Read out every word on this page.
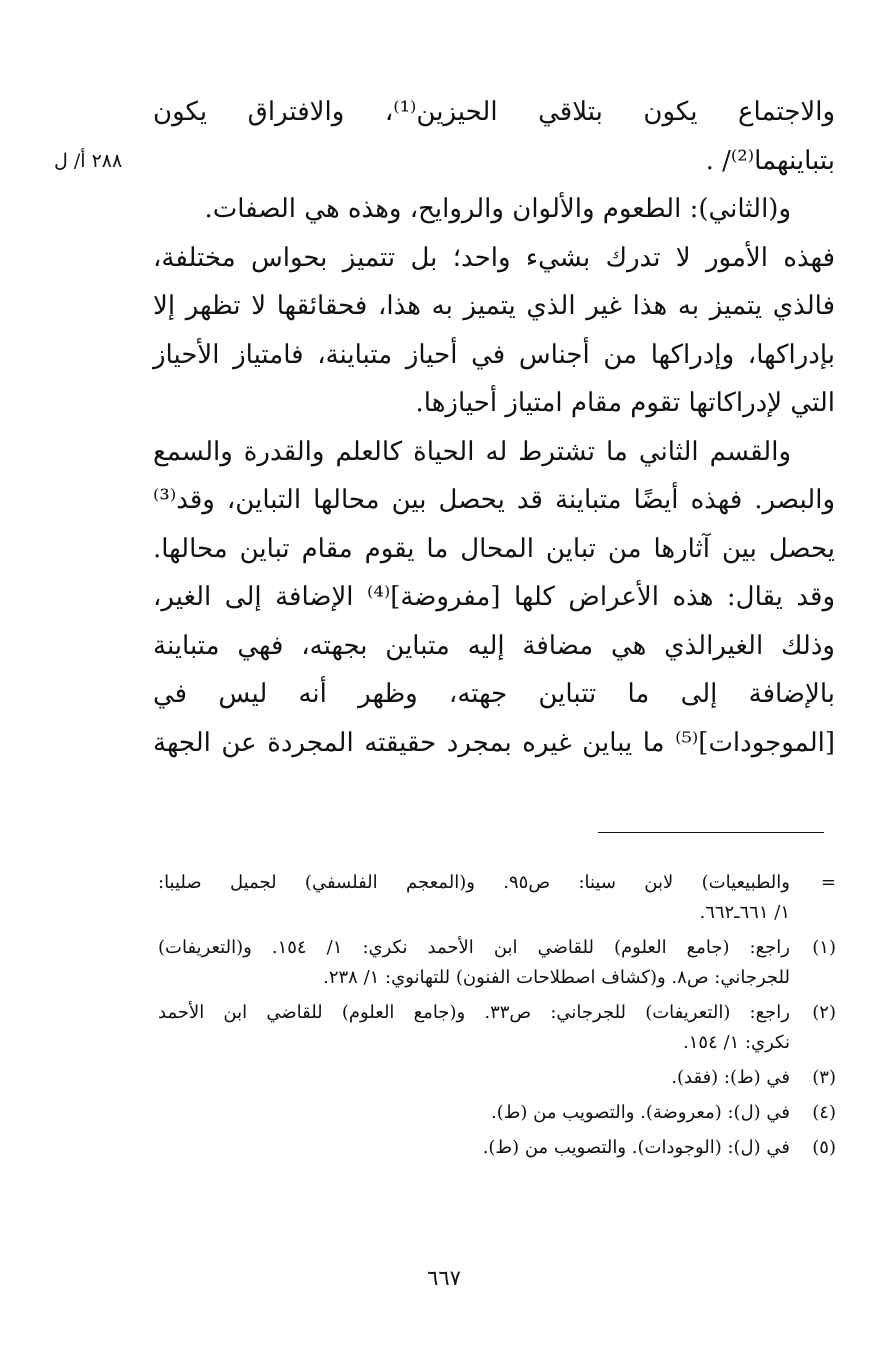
٢٨٨ أ/ ل
والاجتماع يكون بتلاقي الحيزين⁽¹⁾، والافتراق يكون
بتباينهما⁽²⁾/ .
و(الثاني): الطعوم والألوان والروايح، وهذه هي الصفات.
فهذه الأمور لا تدرك بشيء واحد؛ بل تتميز بحواس مختلفة،
فالذي يتميز به هذا غير الذي يتميز به هذا، فحقائقها لا تظهر إلا
بإدراكها، وإدراكها من أجناس في أحياز متباينة، فامتياز الأحياز
التي لإدراكاتها تقوم مقام امتياز أحيازها.
والقسم الثاني ما تشترط له الحياة كالعلم والقدرة والسمع
والبصر. فهذه أيضًا متباينة قد يحصل بين محالها التباين، وقد⁽³⁾
يحصل بين آثارها من تباين المحال ما يقوم مقام تباين محالها.
وقد يقال: هذه الأعراض كلها [مفروضة]⁽⁴⁾ الإضافة إلى الغير،
وذلك الغيرالذي هي مضافة إليه متباين بجهته، فهي متباينة
بالإضافة إلى ما تتباين جهته، وظهر أنه ليس في
[الموجودات]⁽⁵⁾ ما يباين غيره بمجرد حقيقته المجردة عن الجهة
=
والطبيعيات) لابن سينا: ص٩٥. و(المعجم الفلسفي) لجميل صليبا:
١/ ٦٦١ـ٦٦٢.
(١)
راجع: (جامع العلوم) للقاضي ابن الأحمد نكري: ١/ ١٥٤. و(التعريفات)
للجرجاني: ص٨. و(كشاف اصطلاحات الفنون) للتهانوي: ١/ ٢٣٨.
(٢)
راجع: (التعريفات) للجرجاني: ص٣٣. و(جامع العلوم) للقاضي ابن الأحمد
نكري: ١/ ١٥٤.
(٣)
في (ط): (فقد).
(٤)
في (ل): (معروضة). والتصويب من (ط).
(٥)
في (ل): (الوجودات). والتصويب من (ط).
٦٦٧
